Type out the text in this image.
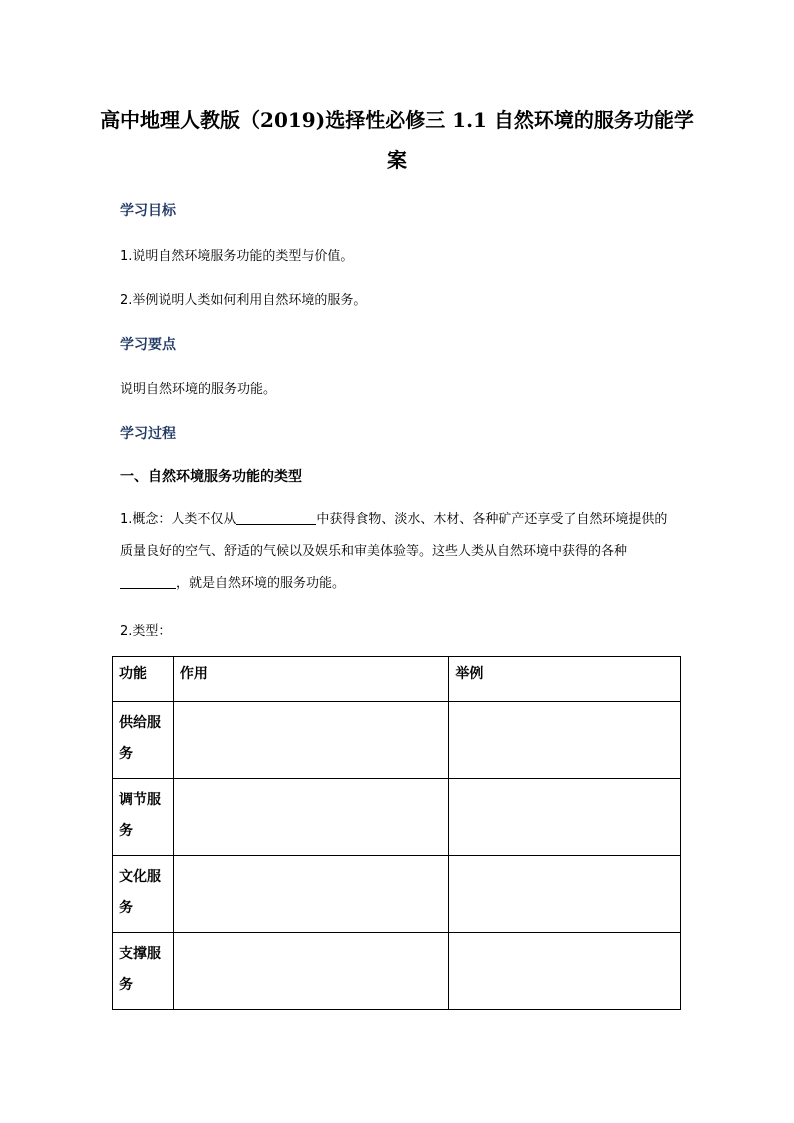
高中地理人教版（2019)选择性必修三 1.1 自然环境的服务功能学案

学习目标

1.说明自然环境服务功能的类型与价值。

2.举例说明人类如何利用自然环境的服务。

学习要点

说明自然环境的服务功能。

学习过程

一、自然环境服务功能的类型

1.概念：人类不仅从	中获得食物、淡水、木材、各种矿产还享受了自然环境提供的质量良好的空气、舒适的气候以及娱乐和审美体验等。这些人类从自然环境中获得的各种，就是自然环境的服务功能。

2.类型：

功能	作用	举例
供给服务		
调节服务		
文化服务		
支撑服务		
